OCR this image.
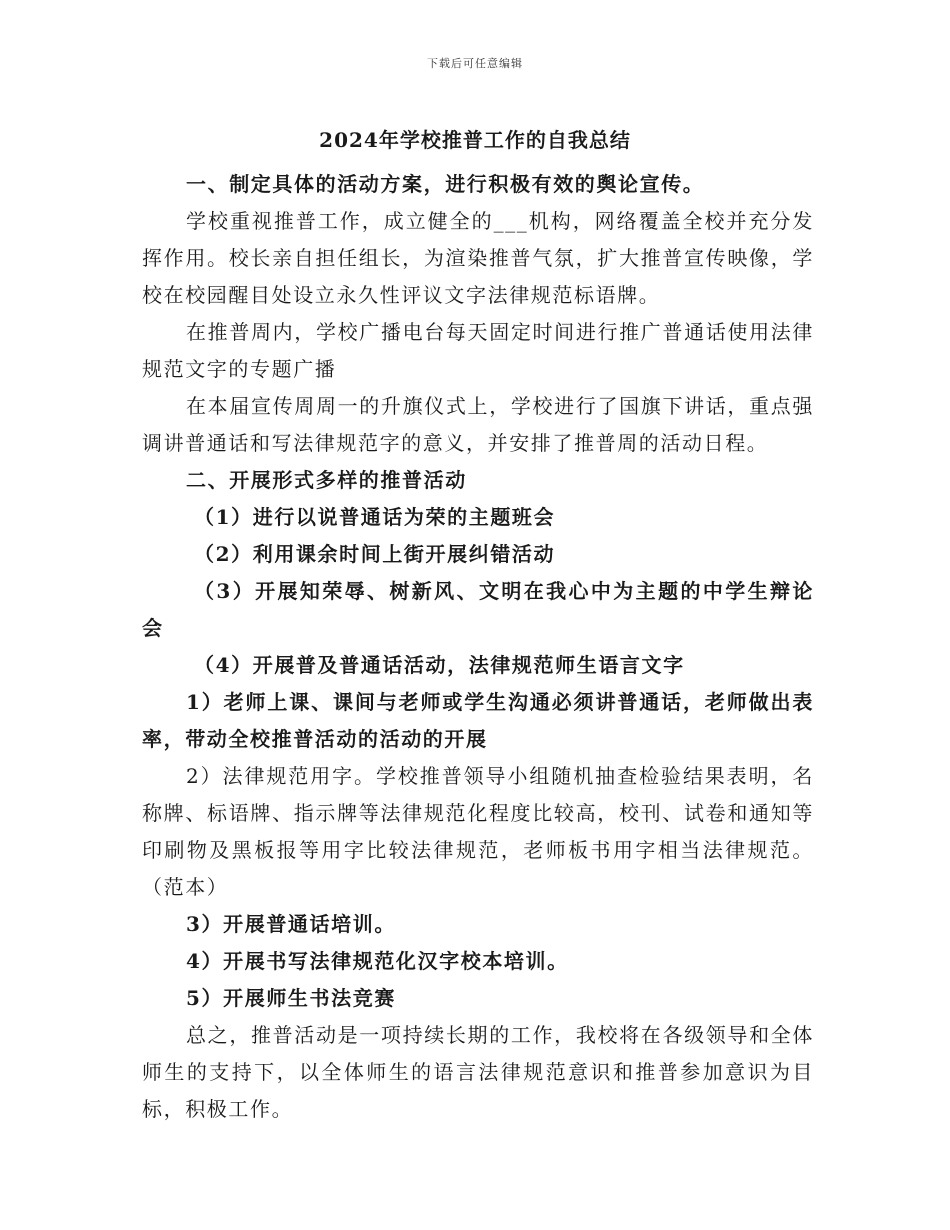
下载后可任意编辑
2024年学校推普工作的自我总结

一、制定具体的活动方案，进行积极有效的舆论宣传。

学校重视推普工作，成立健全的___机构，网络覆盖全校并充分发挥作用。校长亲自担任组长，为渲染推普气氛，扩大推普宣传映像，学校在校园醒目处设立永久性评议文字法律规范标语牌。

在推普周内，学校广播电台每天固定时间进行推广普通话使用法律规范文字的专题广播

在本届宣传周周一的升旗仪式上，学校进行了国旗下讲话，重点强调讲普通话和写法律规范字的意义，并安排了推普周的活动日程。

二、开展形式多样的推普活动

（1）进行以说普通话为荣的主题班会

（2）利用课余时间上街开展纠错活动

（3）开展知荣辱、树新风、文明在我心中为主题的中学生辩论会

（4）开展普及普通话活动，法律规范师生语言文字

1）老师上课、课间与老师或学生沟通必须讲普通话，老师做出表率，带动全校推普活动的活动的开展

2）法律规范用字。学校推普领导小组随机抽查检验结果表明，名称牌、标语牌、指示牌等法律规范化程度比较高，校刊、试卷和通知等印刷物及黑板报等用字比较法律规范，老师板书用字相当法律规范。（范本）

3）开展普通话培训。

4）开展书写法律规范化汉字校本培训。

5）开展师生书法竞赛

总之，推普活动是一项持续长期的工作，我校将在各级领导和全体师生的支持下，以全体师生的语言法律规范意识和推普参加意识为目标，积极工作。
